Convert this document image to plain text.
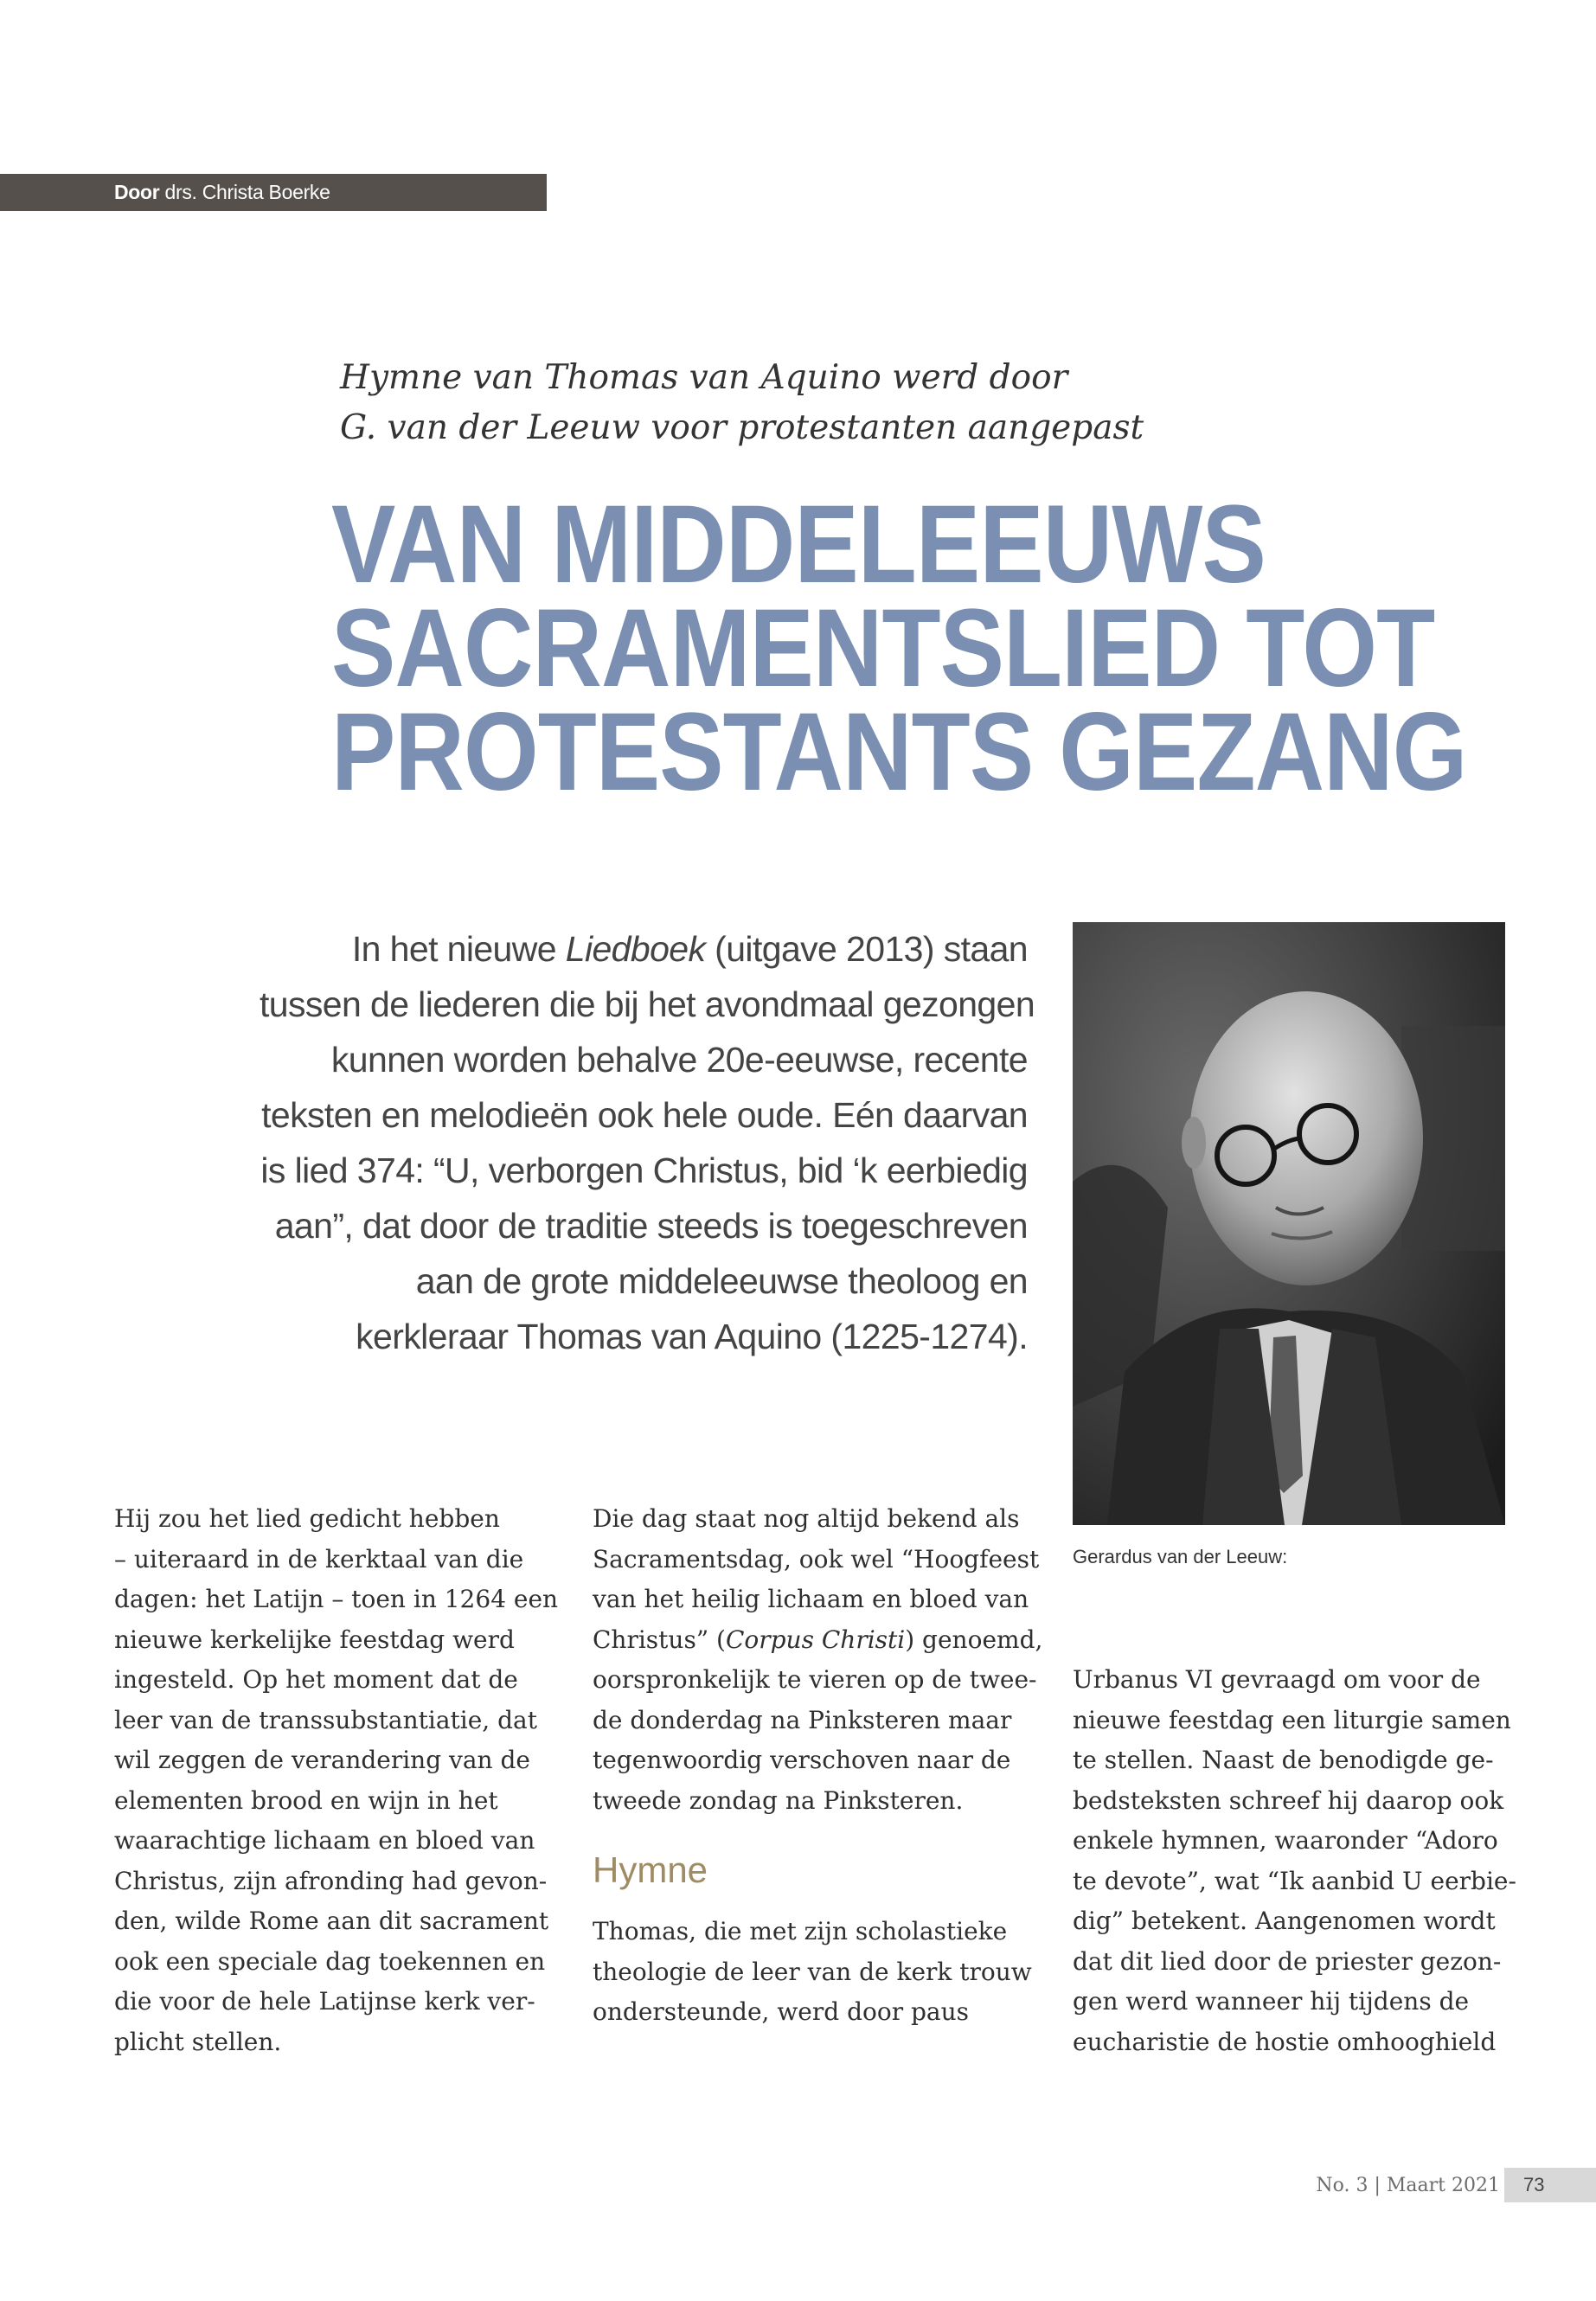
Door drs. Christa Boerke
Hymne van Thomas van Aquino werd door
G. van der Leeuw voor protestanten aangepast
VAN MIDDELEEUWS
SACRAMENTSLIED TOT
PROTESTANTS GEZANG
In het nieuwe Liedboek (uitgave 2013) staan
tussen de liederen die bij het avondmaal gezongen
kunnen worden behalve 20e-eeuwse, recente
teksten en melodieën ook hele oude. Eén daarvan
is lied 374: “U, verborgen Christus, bid ‘k eerbiedig
aan”, dat door de traditie steeds is toegeschreven
aan de grote middeleeuwse theoloog en
kerkleraar Thomas van Aquino (1225-1274).
Gerardus van der Leeuw:
Hij zou het lied gedicht hebben
– uiteraard in de kerktaal van die
dagen: het Latijn – toen in 1264 een
nieuwe kerkelijke feestdag werd
ingesteld. Op het moment dat de
leer van de transsubstantiatie, dat
wil zeggen de verandering van de
elementen brood en wijn in het
waarachtige lichaam en bloed van
Christus, zijn afronding had gevon-
den, wilde Rome aan dit sacrament
ook een speciale dag toekennen en
die voor de hele Latijnse kerk ver-
plicht stellen.
Die dag staat nog altijd bekend als
Sacramentsdag, ook wel “Hoogfeest
van het heilig lichaam en bloed van
Christus” (Corpus Christi) genoemd,
oorspronkelijk te vieren op de twee-
de donderdag na Pinksteren maar
tegenwoordig verschoven naar de
tweede zondag na Pinksteren.
Hymne
Thomas, die met zijn scholastieke
theologie de leer van de kerk trouw
ondersteunde, werd door paus
Urbanus VI gevraagd om voor de
nieuwe feestdag een liturgie samen
te stellen. Naast de benodigde ge-
bedsteksten schreef hij daarop ook
enkele hymnen, waaronder “Adoro
te devote”, wat “Ik aanbid U eerbie-
dig” betekent. Aangenomen wordt
dat dit lied door de priester gezon-
gen werd wanneer hij tijdens de
eucharistie de hostie omhooghield
No. 3 | Maart 2021	73
